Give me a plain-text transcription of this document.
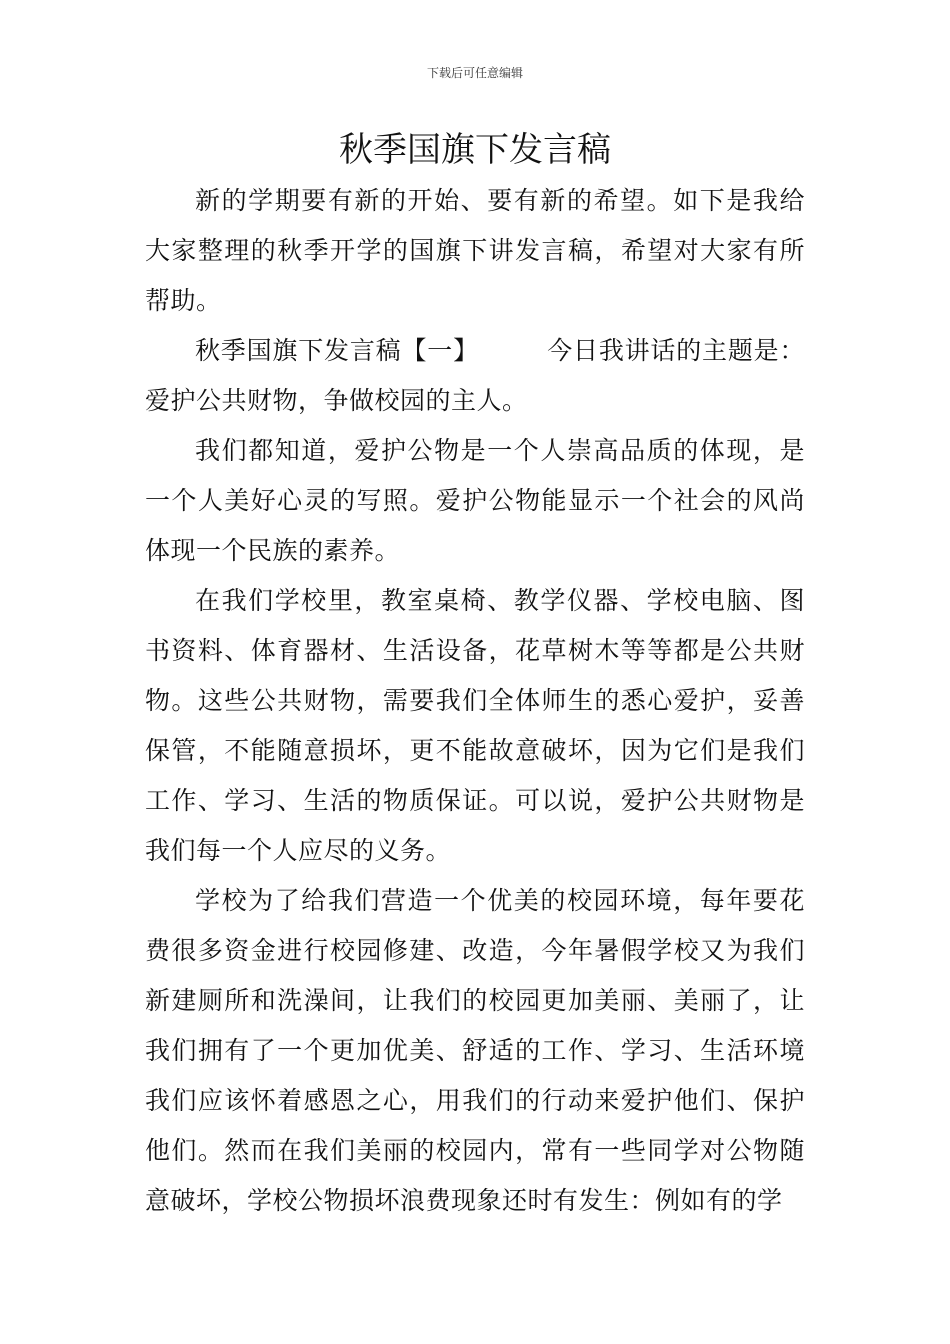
下载后可任意编辑
秋季国旗下发言稿

新的学期要有新的开始、要有新的希望。如下是我给大家整理的秋季开学的国旗下讲发言稿，希望对大家有所帮助。

秋季国旗下发言稿【一】	今日我讲话的主题是：爱护公共财物，争做校园的主人。

我们都知道，爱护公物是一个人崇高品质的体现，是一个人美好心灵的写照。爱护公物能显示一个社会的风尚体现一个民族的素养。

在我们学校里，教室桌椅、教学仪器、学校电脑、图书资料、体育器材、生活设备，花草树木等等都是公共财物。这些公共财物，需要我们全体师生的悉心爱护，妥善保管，不能随意损坏，更不能故意破坏，因为它们是我们工作、学习、生活的物质保证。可以说，爱护公共财物是我们每一个人应尽的义务。

学校为了给我们营造一个优美的校园环境，每年要花费很多资金进行校园修建、改造，今年暑假学校又为我们新建厕所和洗澡间，让我们的校园更加美丽、美丽了，让我们拥有了一个更加优美、舒适的工作、学习、生活环境我们应该怀着感恩之心，用我们的行动来爱护他们、保护他们。然而在我们美丽的校园内，常有一些同学对公物随意破坏，学校公物损坏浪费现象还时有发生：例如有的学
